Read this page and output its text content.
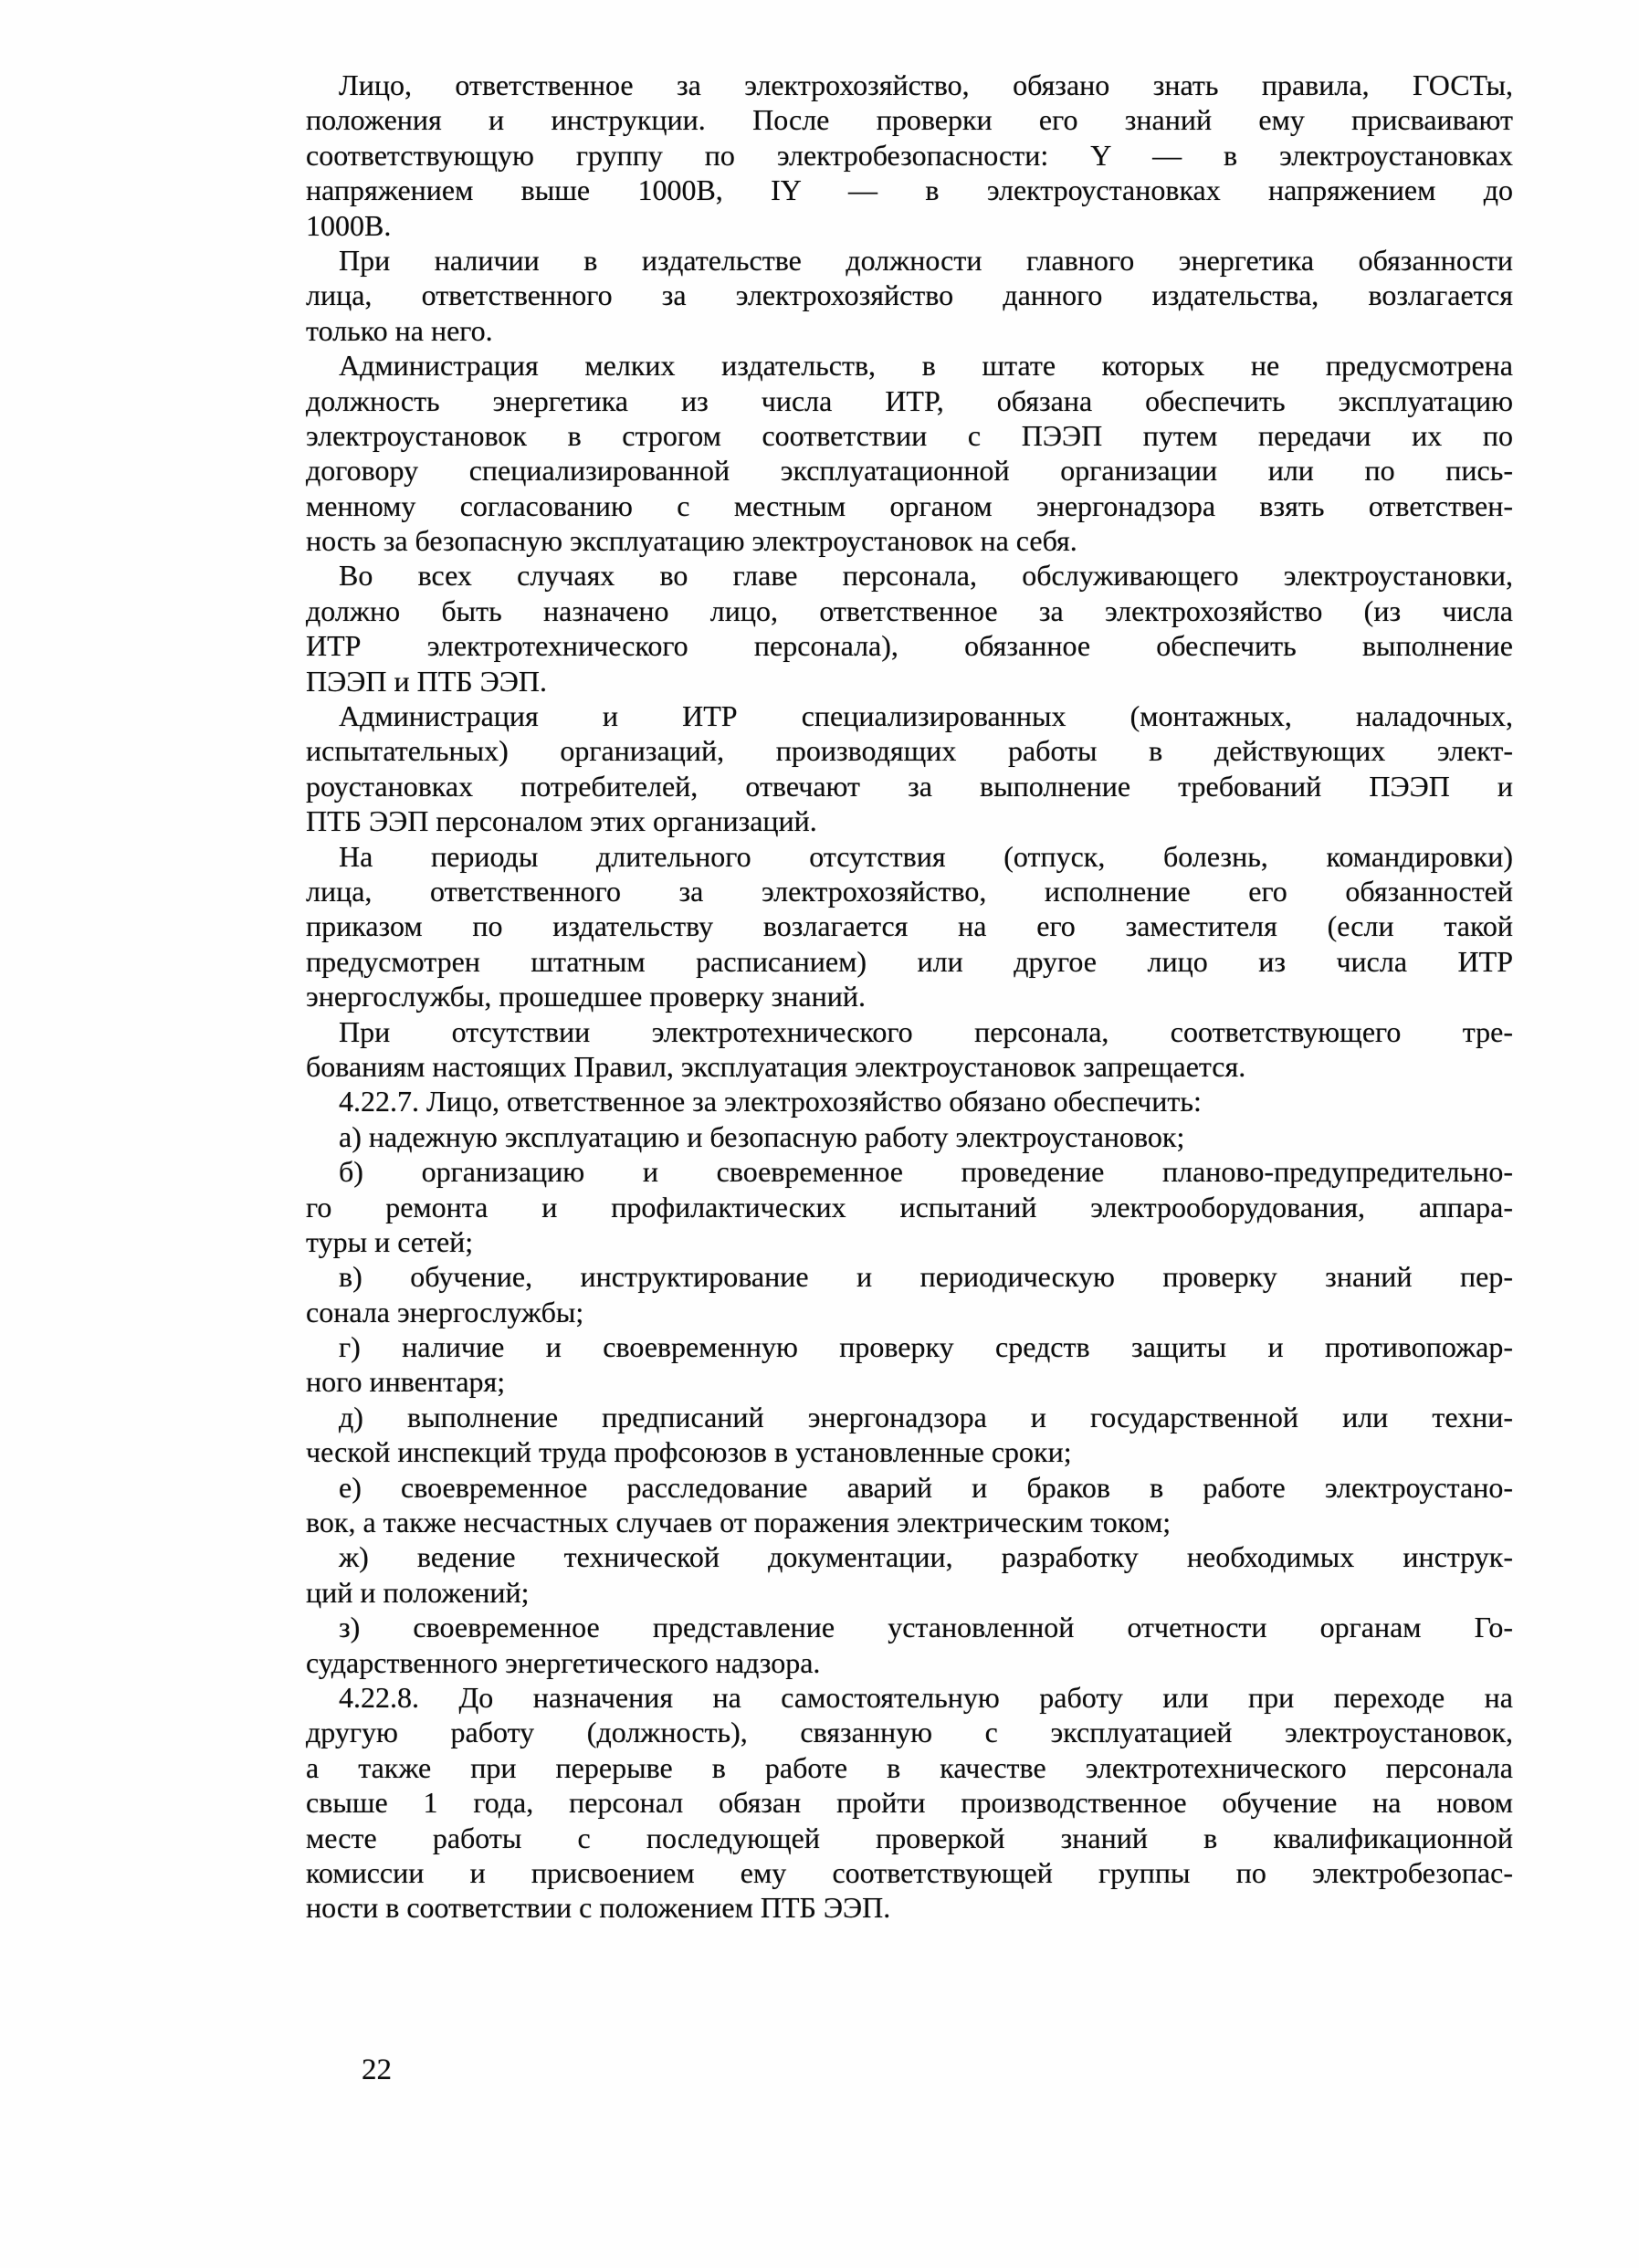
Лицо, ответственное за электрохозяйство, обязано знать правила, ГОСТы,
положения и инструкции. После проверки его знаний ему присваивают
соответствующую группу по электробезопасности: Y — в электроустановках
напряжением выше 1000В, IY — в электроустановках напряжением до
1000В.

При наличии в издательстве должности главного энергетика обязанности
лица, ответственного за электрохозяйство данного издательства, возлагается
только на него.

Администрация мелких издательств, в штате которых не предусмотрена
должность энергетика из числа ИТР, обязана обеспечить эксплуатацию
электроустановок в строгом соответствии с ПЭЭП путем передачи их по
договору специализированной эксплуатационной организации или по пись-
менному согласованию с местным органом энергонадзора взять ответствен-
ность за безопасную эксплуатацию электроустановок на себя.

Во всех случаях во главе персонала, обслуживающего электроустановки,
должно быть назначено лицо, ответственное за электрохозяйство (из числа
ИТР электротехнического персонала), обязанное обеспечить выполнение
ПЭЭП и ПТБ ЭЭП.

Администрация и ИТР специализированных (монтажных, наладочных,
испытательных) организаций, производящих работы в действующих элект-
роустановках потребителей, отвечают за выполнение требований ПЭЭП и
ПТБ ЭЭП персоналом этих организаций.

На периоды длительного отсутствия (отпуск, болезнь, командировки)
лица, ответственного за электрохозяйство, исполнение его обязанностей
приказом по издательству возлагается на его заместителя (если такой
предусмотрен штатным расписанием) или другое лицо из числа ИТР
энергослужбы, прошедшее проверку знаний.

При отсутствии электротехнического персонала, соответствующего тре-
бованиям настоящих Правил, эксплуатация электроустановок запрещается.

4.22.7. Лицо, ответственное за электрохозяйство обязано обеспечить:

а) надежную эксплуатацию и безопасную работу электроустановок;

б) организацию и своевременное проведение планово-предупредительно-
го ремонта и профилактических испытаний электрооборудования, аппара-
туры и сетей;

в) обучение, инструктирование и периодическую проверку знаний пер-
сонала энергослужбы;

г) наличие и своевременную проверку средств защиты и противопожар-
ного инвентаря;

д) выполнение предписаний энергонадзора и государственной или техни-
ческой инспекций труда профсоюзов в установленные сроки;

е) своевременное расследование аварий и браков в работе электроустано-
вок, а также несчастных случаев от поражения электрическим током;

ж) ведение технической документации, разработку необходимых инструк-
ций и положений;

з) своевременное представление установленной отчетности органам Го-
сударственного энергетического надзора.

4.22.8. До назначения на самостоятельную работу или при переходе на
другую работу (должность), связанную с эксплуатацией электроустановок,
а также при перерыве в работе в качестве электротехнического персонала
свыше 1 года, персонал обязан пройти производственное обучение на новом
месте работы с последующей проверкой знаний в квалификационной
комиссии и присвоением ему соответствующей группы по электробезопас-
ности в соответствии с положением ПТБ ЭЭП.

22
